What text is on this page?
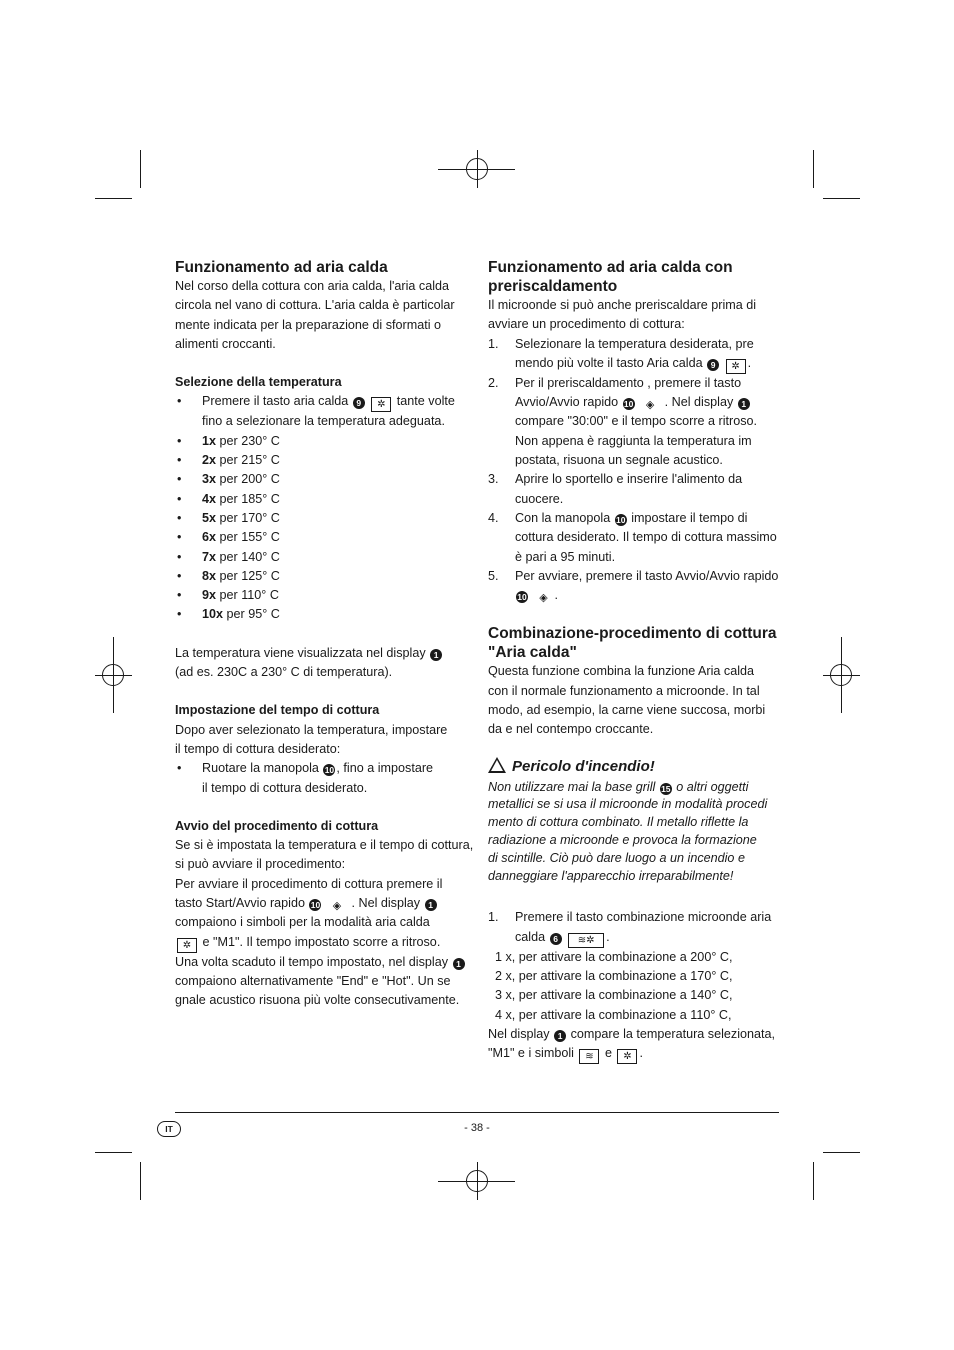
Funzionamento ad aria calda

Nel corso della cottura con aria calda, l'aria calda
circola nel vano di cottura. L'aria calda è particolar
mente indicata per la preparazione di sformati o
alimenti croccanti.

Selezione della temperatura
• Premere il tasto aria calda 9 ✲ tante volte
fino a selezionare la temperatura adeguata.
• 1x per 230° C
• 2x per 215° C
• 3x per 200° C
• 4x per 185° C
• 5x per 170° C
• 6x per 155° C
• 7x per 140° C
• 8x per 125° C
• 9x per 110° C
• 10x per 95° C

La temperatura viene visualizzata nel display 1
(ad es. 230C a 230° C di temperatura).

Impostazione del tempo di cottura

Dopo aver selezionato la temperatura, impostare
il tempo di cottura desiderato:

• Ruotare la manopola 10 , fino a impostare
il tempo di cottura desiderato.
Avvio del procedimento di cottura

Se si è impostata la temperatura e il tempo di cottura,
si può avviare il procedimento:
Per avviare il procedimento di cottura premere il
tasto Start/Avvio rapido 10 ◈ . Nel display 1
compaiono i simboli per la modalità aria calda
✲ e "M1". Il tempo impostato scorre a ritroso.
Una volta scaduto il tempo impostato, nel display 1
compaiono alternativamente "End" e "Hot". Un se
gnale acustico risuona più volte consecutivamente.

Funzionamento ad aria calda con preriscaldamento

Il microonde si può anche preriscaldare prima di
avviare un procedimento di cottura:

1. Selezionare la temperatura desiderata, pre
mendo più volte il tasto Aria calda 9 ✲ .
2. Per il preriscaldamento , premere il tasto
Avvio/Avvio rapido 10 ◈ . Nel display 1
compare "30:00" e il tempo scorre a ritroso.
Non appena è raggiunta la temperatura im
postata, risuona un segnale acustico.
3. Aprire lo sportello e inserire l'alimento da
cuocere.
4. Con la manopola 10 impostare il tempo di
cottura desiderato. Il tempo di cottura massimo
è pari a 95 minuti.
5. Per avviare, premere il tasto Avvio/Avvio rapido
10 ◈ .
Combinazione-procedimento di cottura "Aria calda"

Questa funzione combina la funzione Aria calda
con il normale funzionamento a microonde. In tal
modo, ad esempio, la carne viene succosa, morbi
da e nel contempo croccante.

Pericolo d'incendio!

Non utilizzare mai la base grill 15 o altri oggetti
metallici se si usa il microonde in modalità procedi
mento di cottura combinato. Il metallo riflette la
radiazione a microonde e provoca la formazione
di scintille. Ciò può dare luogo a un incendio e
danneggiare l'apparecchio irreparabilmente!

1. Premere il tasto combinazione microonde aria
calda 6 ≋✲ .

1 x, per attivare la combinazione a 200° C,
2 x, per attivare la combinazione a 170° C,
3 x, per attivare la combinazione a 140° C,
4 x, per attivare la combinazione a 110° C,

Nel display 1 compare la temperatura selezionata,
"M1" e i simboli ≋ e ✲ .

IT	- 38 -
